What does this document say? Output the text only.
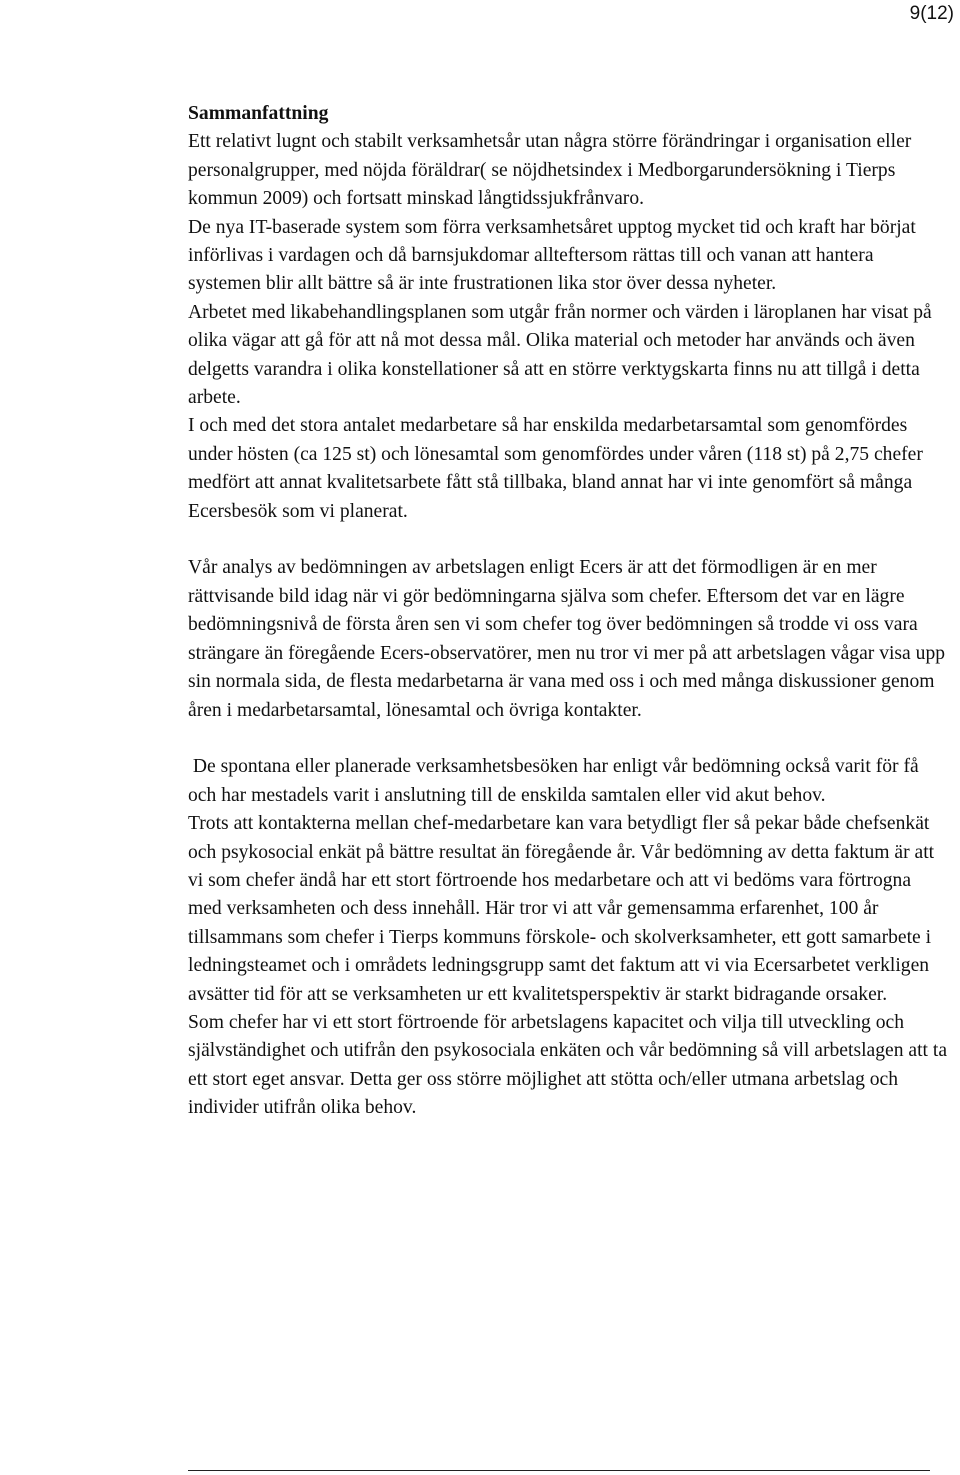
9(12)

Sammanfattning

Ett relativt lugnt och stabilt verksamhetsår utan några större förändringar i organisation eller personalgrupper, med nöjda föräldrar( se nöjdhetsindex i Medborgarundersökning i Tierps kommun 2009) och fortsatt minskad långtidssjukfrånvaro.

De nya IT-baserade system som förra verksamhetsåret upptog mycket tid och kraft har börjat införlivas i vardagen och då barnsjukdomar allteftersom rättas till och vanan att hantera systemen blir allt bättre så är inte frustrationen lika stor över dessa nyheter.

Arbetet med likabehandlingsplanen som utgår från normer och värden i läroplanen har visat på olika vägar att gå för att nå mot dessa mål. Olika material och metoder har används och även delgetts varandra i olika konstellationer så att en större verktygskarta finns nu att tillgå i detta arbete.

I och med det stora antalet medarbetare så har enskilda medarbetarsamtal som genomfördes under hösten (ca 125 st) och lönesamtal som genomfördes under våren (118 st) på 2,75 chefer medfört att annat kvalitetsarbete fått stå tillbaka, bland annat har vi inte genomfört så många Ecersbesök som vi planerat.

Vår analys av bedömningen av arbetslagen enligt Ecers är att det förmodligen är en mer rättvisande bild idag när vi gör bedömningarna själva som chefer. Eftersom det var en lägre bedömningsnivå de första åren sen vi som chefer tog över bedömningen så trodde vi oss vara strängare än föregående Ecers-observatörer, men nu tror vi mer på att arbetslagen vågar visa upp sin normala sida, de flesta medarbetarna är vana med oss i och med många diskussioner genom åren i medarbetarsamtal, lönesamtal och övriga kontakter.

De spontana eller planerade verksamhetsbesöken har enligt vår bedömning också varit för få och har mestadels varit i anslutning till de enskilda samtalen eller vid akut behov.

Trots att kontakterna mellan chef-medarbetare kan vara betydligt fler så pekar både chefsenkät och psykosocial enkät på bättre resultat än föregående år. Vår bedömning av detta faktum är att vi som chefer ändå har ett stort förtroende hos medarbetare och att vi bedöms vara förtrogna med verksamheten och dess innehåll. Här tror vi att vår gemensamma erfarenhet, 100 år tillsammans som chefer i Tierps kommuns förskole- och skolverksamheter, ett gott samarbete i ledningsteamet och i områdets ledningsgrupp samt det faktum att vi via Ecersarbetet verkligen avsätter tid för att se verksamheten ur ett kvalitetsperspektiv är starkt bidragande orsaker.

Som chefer har vi ett stort förtroende för arbetslagens kapacitet och vilja till utveckling och självständighet och utifrån den psykosociala enkäten och vår bedömning så vill arbetslagen att ta ett stort eget ansvar. Detta ger oss större möjlighet att stötta och/eller utmana arbetslag och individer utifrån olika behov.
